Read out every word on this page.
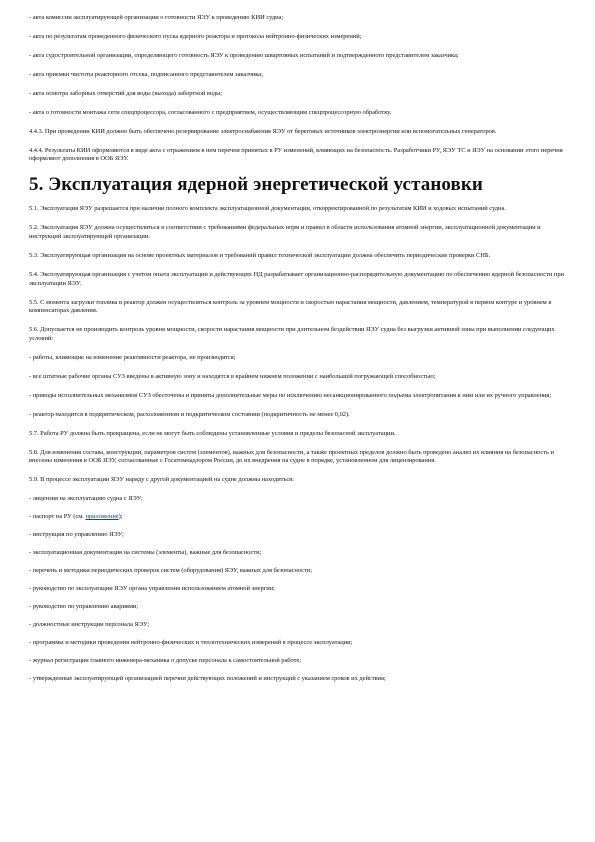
- акта комиссии эксплуатирующей организации о готовности ЯЭУ к проведению КИИ судна;

- акта по результатам проведенного физического пуска ядерного реактора и протокола нейтронно-физических измерений;

- акта судостроительной организации, определяющего готовность ЯЭУ к проведению швартовных испытаний и подтвержденного представителем заказчика;

- акта приемки чистоты реакторного отсека, подписанного представителем заказчика;

- акта осмотра заборных отверстий для воды (выхода) забортной воды;

- акта о готовности монтажа сети спецпроцессора, согласованного с предприятием, осуществляющим спецпроцессорную обработку.

4.4.3. При проведении КИИ должно быть обеспечено резервирование электроснабжения ЯЭУ от береговых источников электроэнергии или вспомогательных генераторов.

4.4.4. Результаты КИИ оформляются в виде акта с отражением в нем перечня принятых в РУ изменений, влияющих на безопасность. Разработчики РУ, ЯЭУ ТС и ЯЭУ на основании этого перечня оформляют дополнения в ООБ ЯЭУ.

5. Эксплуатация ядерной энергетической установки

5.1. Эксплуатация ЯЭУ разрешается при наличии полного комплекта эксплуатационной документации, откорректированной по результатам КИИ и ходовых испытаний судна.

5.2. Эксплуатация ЯЭУ должна осуществляться в соответствии с требованиями федеральных норм и правил в области использования атомной энергии, эксплуатационной документации и инструкций эксплуатирующей организации.

5.3. Эксплуатирующая организация на основе проектных материалов и требований правил технической эксплуатации должна обеспечить периодические проверки СНБ.

5.4. Эксплуатирующая организация с учетом опыта эксплуатации и действующих НД разрабатывает организационно-распорядительную документацию по обеспечению ядерной безопасности при эксплуатации ЯЭУ.

5.5. С момента загрузки топлива в реактор должен осуществляться контроль за уровнем мощности и скоростью нарастания мощности, давлением, температурой в первом контуре и уровнем в компенсаторах давления.

5.6. Допускается не производить контроль уровня мощности, скорости нарастания мощности при длительном бездействии ЯЭУ судна без выгрузки активной зоны при выполнении следующих условий:

- работы, влияющие на изменение реактивности реактора, не производятся;

- все штатные рабочие органы СУЗ введены в активную зону и находятся в крайнем нижнем положении с наибольшей погружающей способностью;

- приводы исполнительных механизмов СУЗ обесточены и приняты дополнительные меры по исключению несанкционированного подъема электропитания к ним или их ручного управления;

- реактор находится в подкритическом, расхоложенном и подкритическом состоянии (подкритичность не менее 0,02).

5.7. Работа РУ должна быть прекращена, если не могут быть соблюдены установленные условия и пределы безопасной эксплуатации.

5.8. Для изменения состава, конструкции, параметров систем (элементов), важных для безопасности, а также проектных пределов должно быть проведено анализ их влияния на безопасность и внесены изменения в ООБ ЯЭУ, согласованные с Госатомнадзором России, до их внедрения на судне в порядке, установленном для лицензирования.

5.9. В процессе эксплуатации ЯЭУ наряду с другой документацией на судне должны находиться:

- лицензия на эксплуатацию судна с ЯЭУ;

- паспорт на РУ (см. приложение);

- инструкция по управлению ЯЭУ;

- эксплуатационная документация на системы (элементы), важные для безопасности;

- перечень и методики периодических проверок систем (оборудования) ЯЭУ, важных для безопасности;

- руководство по эксплуатации ЯЭУ органа управления использованием атомной энергии;

- руководство по управлению авариями;

- должностные инструкции персонала ЯЭУ;

- программы и методики проведения нейтронно-физических и теплотехнических измерений в процессе эксплуатации;

- журнал регистрации главного инженера-механика о допуске персонала к самостоятельной работе;

- утвержденные эксплуатирующей организацией перечни действующих положений и инструкций с указанием сроков их действия;
